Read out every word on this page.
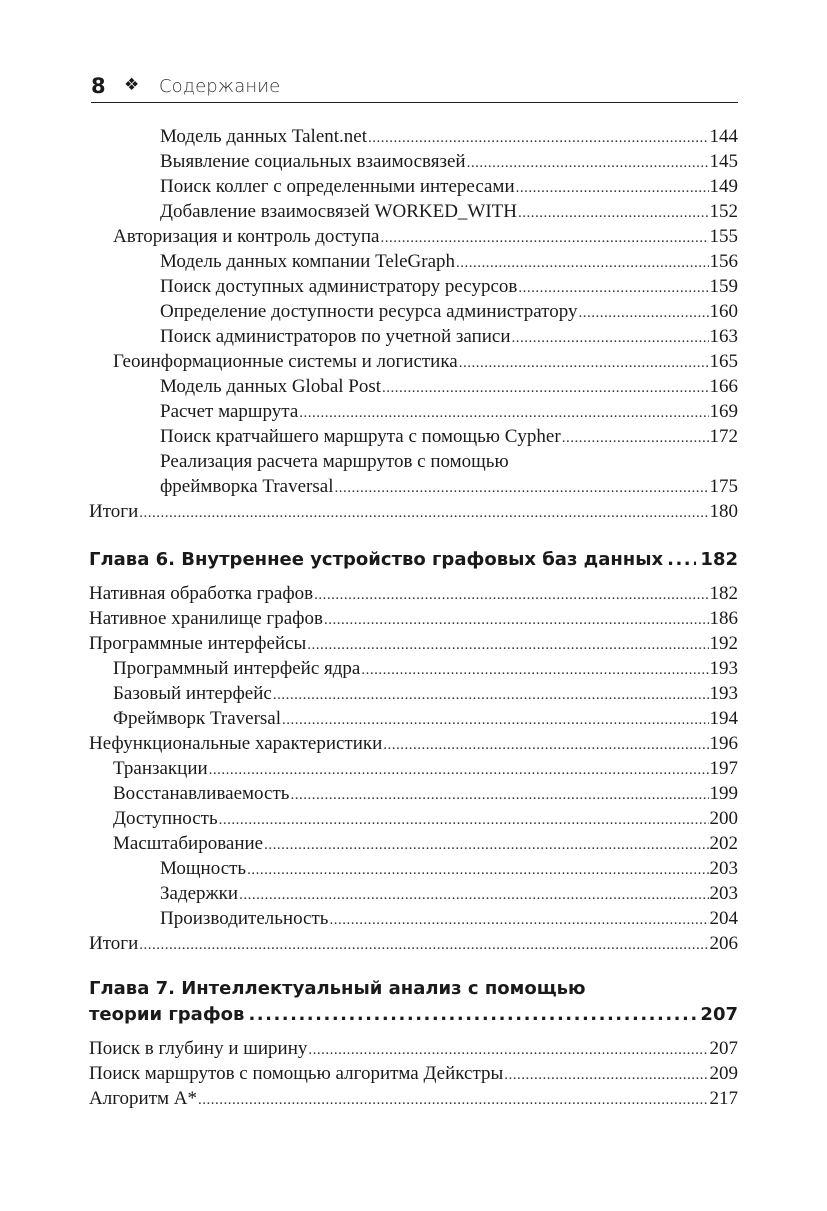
8 ❖ Содержание
Модель данных Talent.net .....	144
Выявление социальных взаимосвязей .....	145
Поиск коллег с определенными интересами .....	149
Добавление взаимосвязей WORKED_WITH .....	152
Авторизация и контроль доступа .....	155
Модель данных компании TeleGraph .....	156
Поиск доступных администратору ресурсов .....	159
Определение доступности ресурса администратору .....	160
Поиск администраторов по учетной записи .....	163
Геоинформационные системы и логистика .....	165
Модель данных Global Post .....	166
Расчет маршрута .....	169
Поиск кратчайшего маршрута с помощью Cypher .....	172
Реализация расчета маршрутов с помощью
фреймворка Traversal .....	175
Итоги .....	180
Глава 6. Внутреннее устройство графовых баз данных ..... 182
Нативная обработка графов .....	182
Нативное хранилище графов .....	186
Программные интерфейсы .....	192
Программный интерфейс ядра .....	193
Базовый интерфейс .....	193
Фреймворк Traversal .....	194
Нефункциональные характеристики .....	196
Транзакции .....	197
Восстанавливаемость .....	199
Доступность .....	200
Масштабирование .....	202
Мощность .....	203
Задержки .....	203
Производительность .....	204
Итоги .....	206
Глава 7. Интеллектуальный анализ с помощью
теории графов .....	207
Поиск в глубину и ширину .....	207
Поиск маршрутов с помощью алгоритма Дейкстры .....	209
Алгоритм A* .....	217
